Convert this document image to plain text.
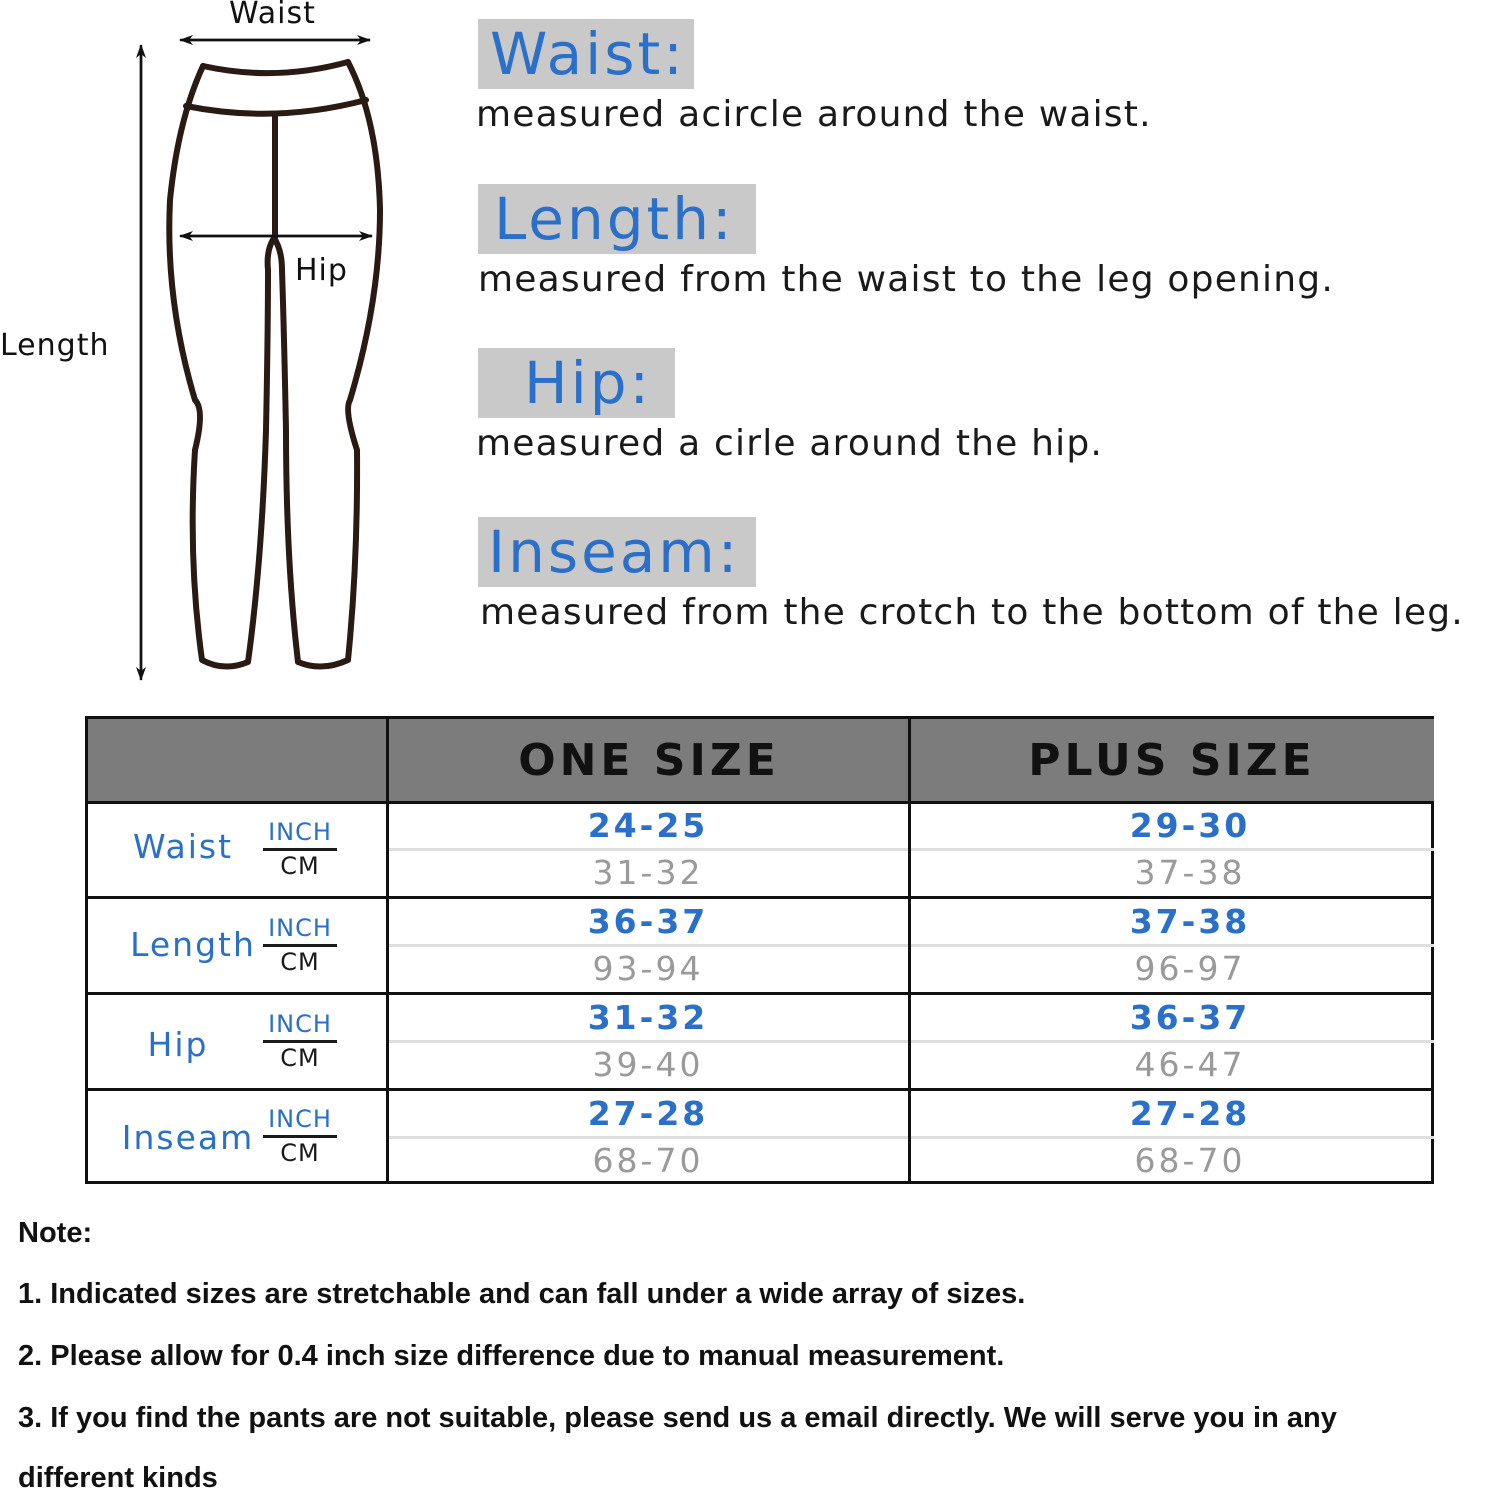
Waist
Hip
Length
Waist:
measured acircle around the waist.
Length:
measured from the waist to the leg opening.
Hip:
measured a cirle around the hip.
Inseam:
measured from the crotch to the bottom of the leg.
ONE SIZE	PLUS SIZE
Waist	INCH
CM
24-25
31-32
29-30
37-38
Length INCH
CM
36-37
93-94
37-38
96-97
Hip
INCH
CM
31-32
39-40
36-37
46-47
Inseam INCH
CM
27-28
68-70
27-28
68-70
Note:
1. Indicated sizes are stretchable and can fall under a wide array of sizes.
2. Please allow for 0.4 inch size difference due to manual measurement.
3. If you find the pants are not suitable, please send us a email directly. We will serve you in any
different kinds
